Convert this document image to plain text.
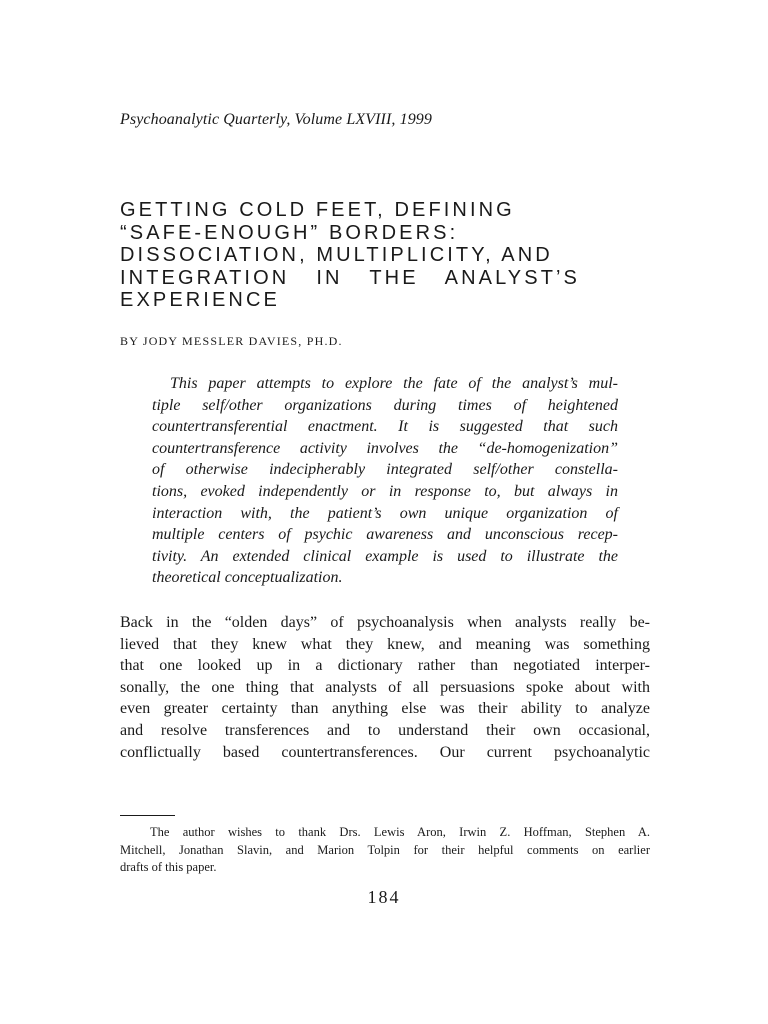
Psychoanalytic Quarterly, Volume LXVIII, 1999
GETTING COLD FEET, DEFINING
“SAFE-ENOUGH” BORDERS:
DISSOCIATION, MULTIPLICITY, AND
INTEGRATION IN THE ANALYST’S
EXPERIENCE
BY JODY MESSLER DAVIES, PH.D.
This paper attempts to explore the fate of the analyst’s mul-
tiple self/other organizations during times of heightened
countertransferential enactment. It is suggested that such
countertransference activity involves the “de-homogenization”
of otherwise indecipherably integrated self/other constella-
tions, evoked independently or in response to, but always in
interaction with, the patient’s own unique organization of
multiple centers of psychic awareness and unconscious recep-
tivity. An extended clinical example is used to illustrate the
theoretical conceptualization.
Back in the “olden days” of psychoanalysis when analysts really be-
lieved that they knew what they knew, and meaning was something
that one looked up in a dictionary rather than negotiated interper-
sonally, the one thing that analysts of all persuasions spoke about with
even greater certainty than anything else was their ability to analyze
and resolve transferences and to understand their own occasional,
conflictually based countertransferences. Our current psychoanalytic
The author wishes to thank Drs. Lewis Aron, Irwin Z. Hoffman, Stephen A.
Mitchell, Jonathan Slavin, and Marion Tolpin for their helpful comments on earlier
drafts of this paper.
184
